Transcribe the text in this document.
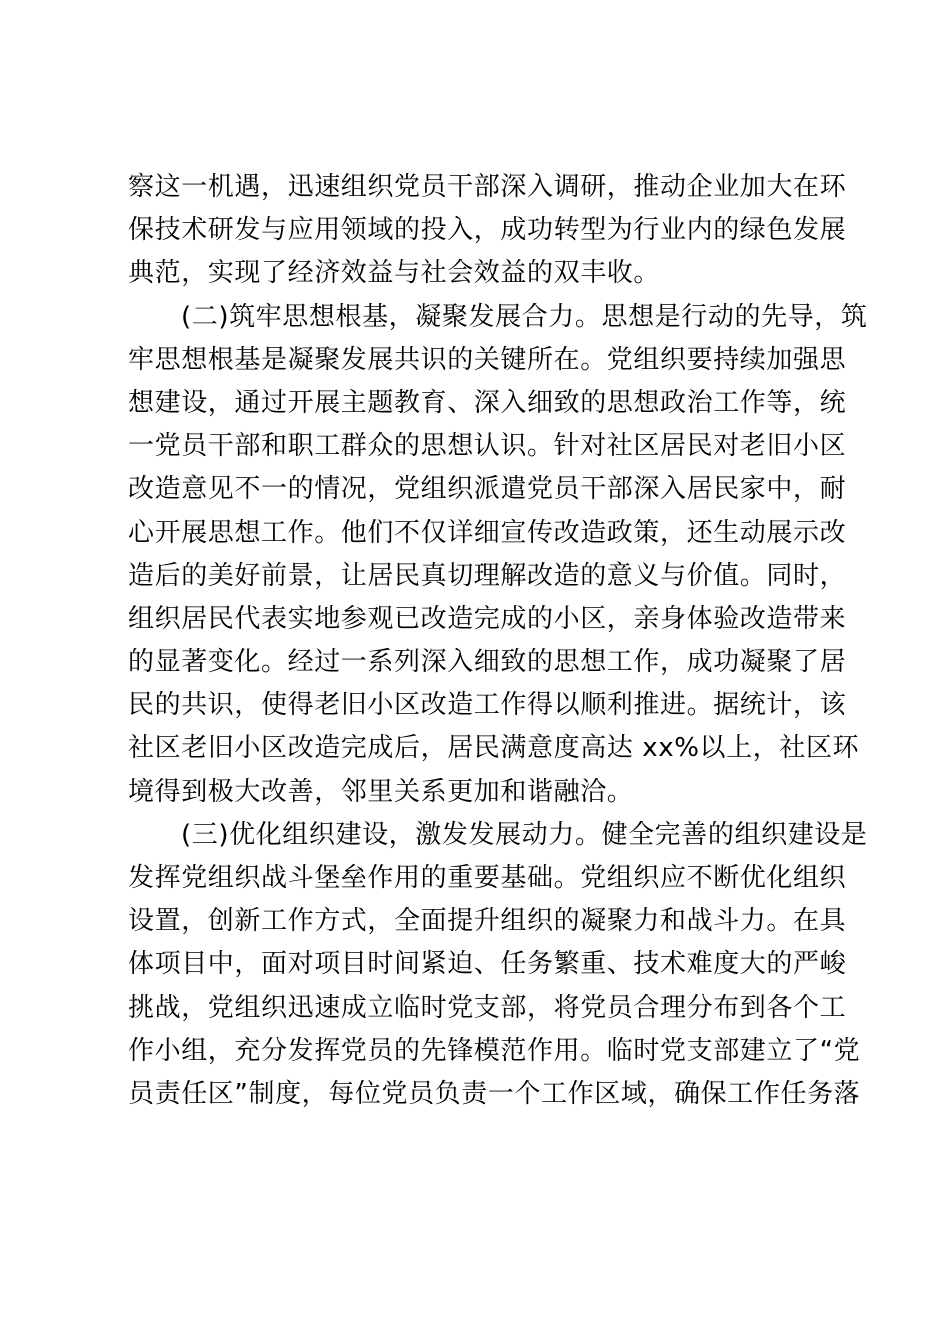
察这一机遇，迅速组织党员干部深入调研，推动企业加大在环
保技术研发与应用领域的投入，成功转型为行业内的绿色发展
典范，实现了经济效益与社会效益的双丰收。
(二)筑牢思想根基，凝聚发展合力。思想是行动的先导，筑
牢思想根基是凝聚发展共识的关键所在。党组织要持续加强思
想建设，通过开展主题教育、深入细致的思想政治工作等，统
一党员干部和职工群众的思想认识。针对社区居民对老旧小区
改造意见不一的情况，党组织派遣党员干部深入居民家中，耐
心开展思想工作。他们不仅详细宣传改造政策，还生动展示改
造后的美好前景，让居民真切理解改造的意义与价值。同时，
组织居民代表实地参观已改造完成的小区，亲身体验改造带来
的显著变化。经过一系列深入细致的思想工作，成功凝聚了居
民的共识，使得老旧小区改造工作得以顺利推进。据统计，该
社区老旧小区改造完成后，居民满意度高达 xx%以上，社区环
境得到极大改善，邻里关系更加和谐融洽。
(三)优化组织建设，激发发展动力。健全完善的组织建设是
发挥党组织战斗堡垒作用的重要基础。党组织应不断优化组织
设置，创新工作方式，全面提升组织的凝聚力和战斗力。在具
体项目中，面对项目时间紧迫、任务繁重、技术难度大的严峻
挑战，党组织迅速成立临时党支部，将党员合理分布到各个工
作小组，充分发挥党员的先锋模范作用。临时党支部建立了“党
员责任区”制度，每位党员负责一个工作区域，确保工作任务落
